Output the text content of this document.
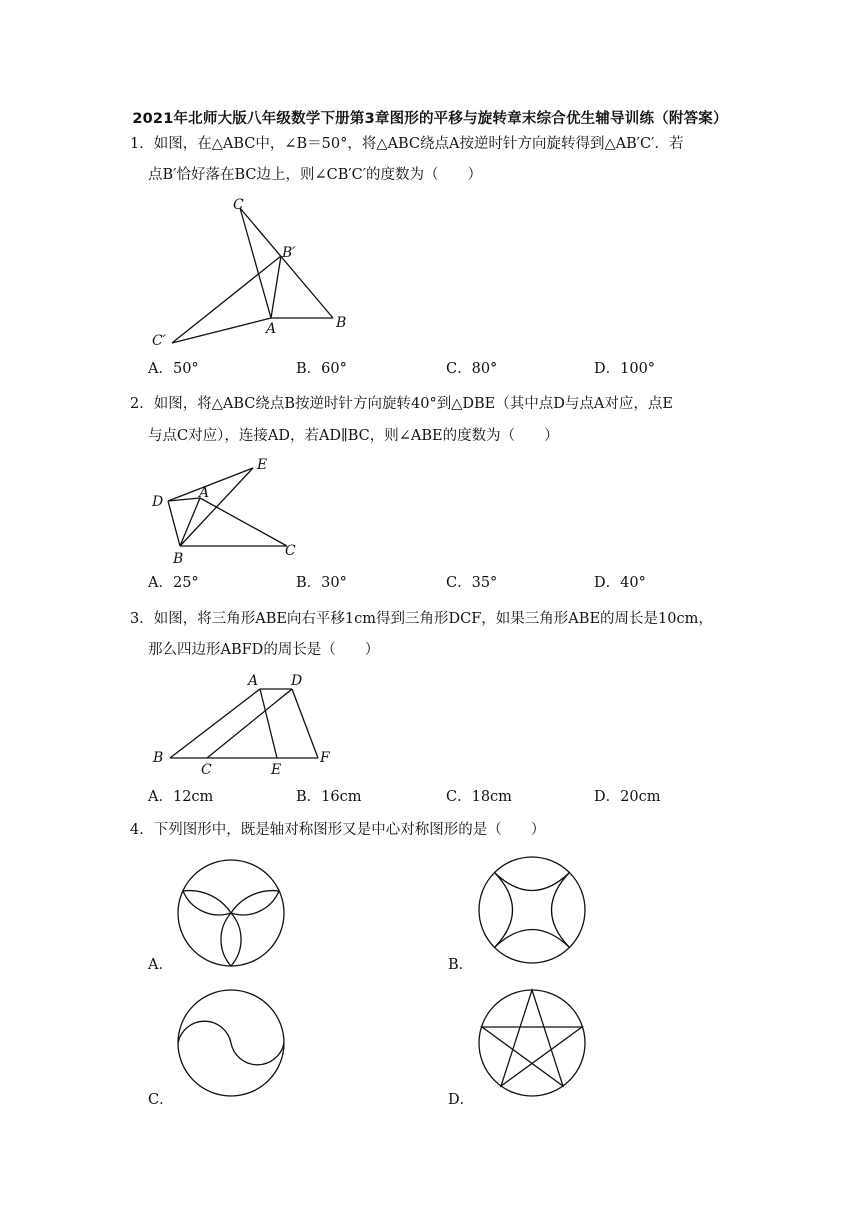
2021年北师大版八年级数学下册第3章图形的平移与旋转章末综合优生辅导训练（附答案）
1．如图，在△ABC中，∠B＝50°，将△ABC绕点A按逆时针方向旋转得到△AB′C′．若
点B′恰好落在BC边上，则∠CB′C′的度数为（　　）
C
B′
C′
A	B
A．50°	B．60°	C．80°	D．100°
2．如图，将△ABC绕点B按逆时针方向旋转40°到△DBE（其中点D与点A对应，点E
与点C对应），连接AD，若AD∥BC，则∠ABE的度数为（　　）
E
D
A
B	C
A．25°	B．30°	C．35°	D．40°
3．如图，将三角形ABE向右平移1cm得到三角形DCF，如果三角形ABE的周长是10cm，
那么四边形ABFD的周长是（　　）
A D
B
C	E
F
A．12cm	B．16cm	C．18cm	D．20cm
4．下列图形中，既是轴对称图形又是中心对称图形的是（　　）
A．	B．
C．	D．
